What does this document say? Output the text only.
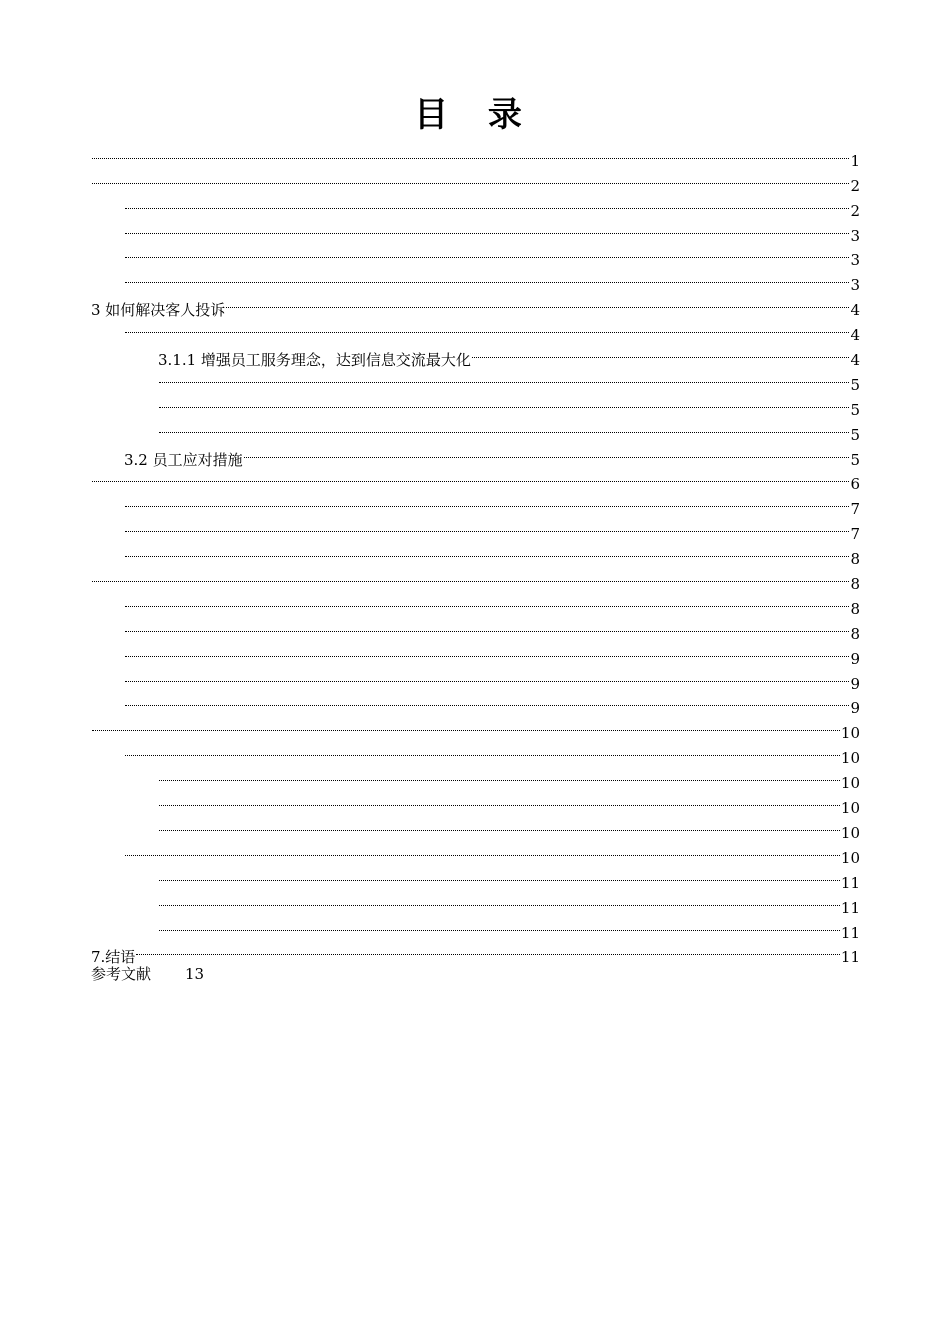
目 录
1
2
2
3
3
3
3 如何解决客人投诉	4
4
3.1.1 增强员工服务理念，达到信息交流最大化	4
5
5
5
3.2 员工应对措施	5
6
7
7
8
8
8
8
9
9
9
10
10
10
10
10
10
11
11
11
7.结语	11
参考文献 13
